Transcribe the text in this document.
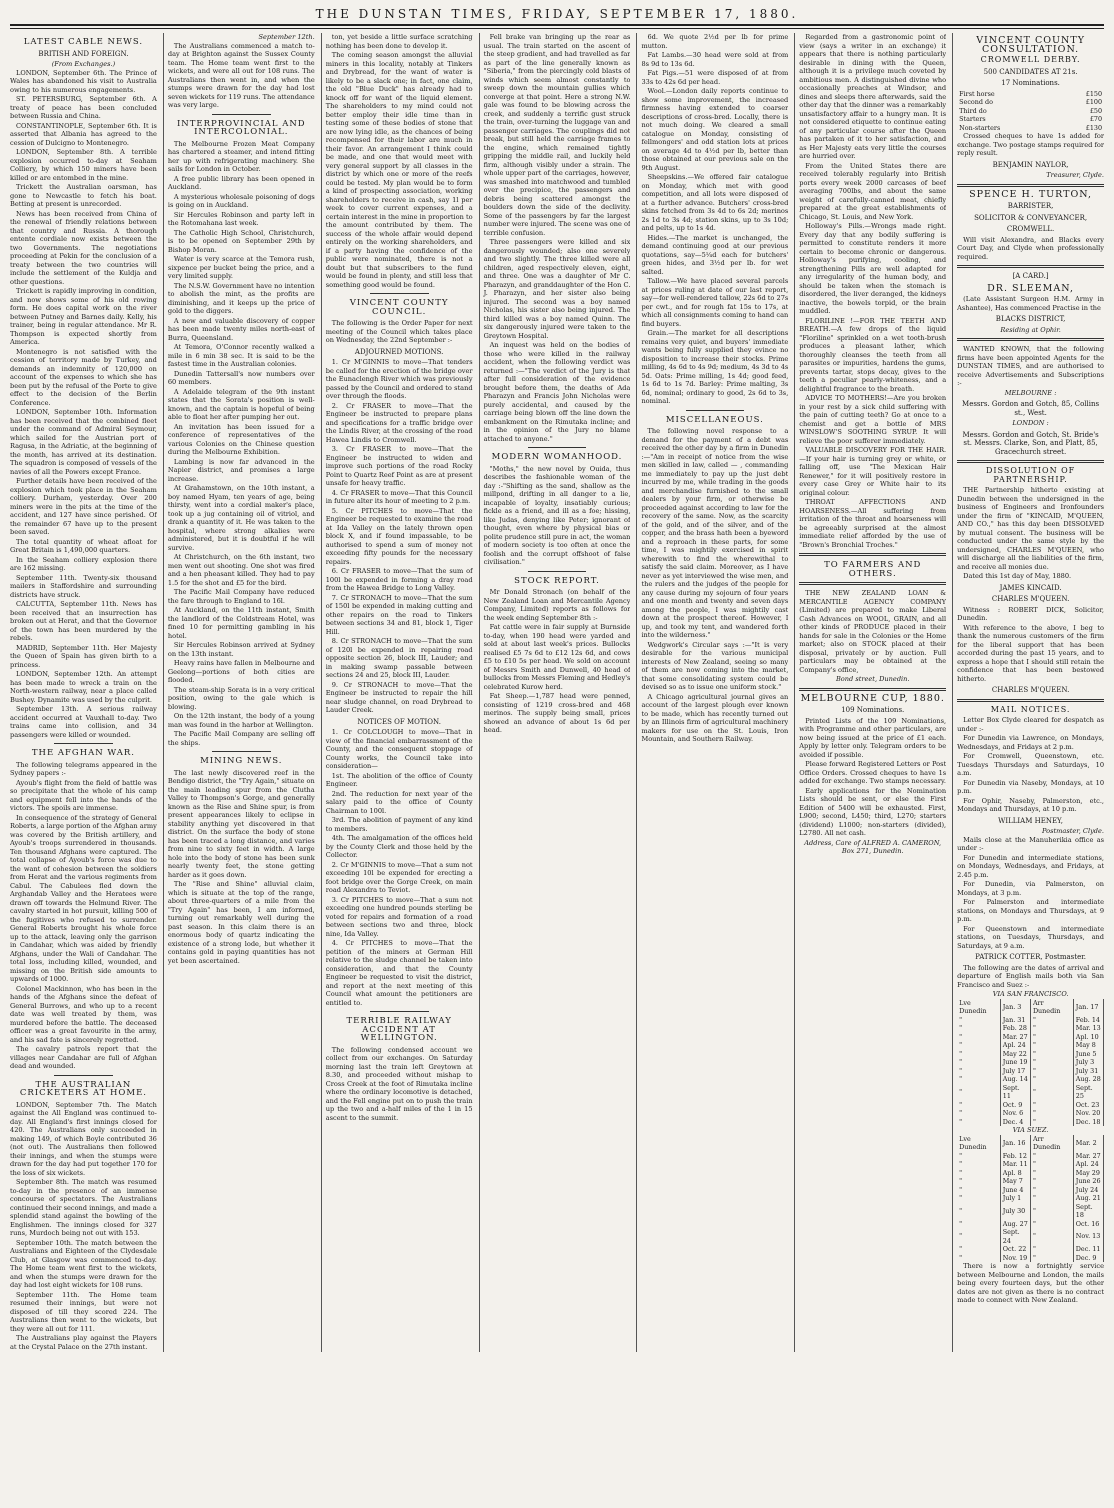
THE DUNSTAN TIMES, FRIDAY, SEPTEMBER 17, 1880.
LATEST CABLE NEWS.
BRITISH AND FOREIGN.
(From Exchanges.)

LONDON, September 6th. The Prince of Wales has abandoned his visit to Australia owing to his numerous engagements.

ST. PETERSBURG, September 6th. A treaty of peace has been concluded between Russia and China.

CONSTANTINOPLE, September 6th. It is asserted that Albania has agreed to the cession of Dulcigno to Montenegro.

LONDON, September 8th. A terrible explosion occurred to-day at Seaham Colliery, by which 150 miners have been killed or are entombed in the mine.

Trickett the Australian oarsman, has gone to Newcastle to fetch his boat. Betting at present is unrecorded.

News has been received from China of the renewal of friendly relations between that country and Russia. A thorough entente cordiale now exists between the two Governments. The negotiations proceeding at Pekin for the conclusion of a treaty between the two countries will include the settlement of the Kuldja and other questions.

Trickett is rapidly improving in condition, and now shows some of his old rowing form. He does capital work on the river between Putney and Barnes daily. Kelly, his trainer, being in regular attendance. Mr R. Thompson is expected shortly from America.

Montenegro is not satisfied with the cession of territory made by Turkey, and demands an indemnity of 120,000 on account of the expenses to which she has been put by the refusal of the Porte to give effect to the decision of the Berlin Conference.

LONDON, September 10th. Information has been received that the combined fleet under the command of Admiral Seymour, which sailed for the Austrian port of Ragusa, in the Adriatic, at the beginning of the month, has arrived at its destination. The squadron is composed of vessels of the navies of all the Powers except France.

Further details have been received of the explosion which took place in the Seaham colliery. Durham, yesterday. Over 200 miners were in the pits at the time of the accident, and 127 have since perished. Of the remainder 67 have up to the present been saved.

The total quantity of wheat afloat for Great Britain is 1,490,000 quarters.

In the Seaham colliery explosion there are 162 missing.

September 11th. Twenty-six thousand mailers in Staffordshire and surrounding districts have struck.

CALCUTTA, September 11th. News has been received that an insurrection has broken out at Herat, and that the Governor of the town has been murdered by the rebels.

MADRID, September 11th. Her Majesty the Queen of Spain has given birth to a princess.

LONDON, September 12th. An attempt has been made to wreck a train on the North-western railway, near a place called Bushey. Dynamite was used by the culprit.

September 13th. A serious railway accident occurred at Vauxhall to-day. Two trains came into collision, and 34 passengers were killed or wounded.

THE AFGHAN WAR.

The following telegrams appeared in the Sydney papers :-

Ayoub's flight from the field of battle was so precipitate that the whole of his camp and equipment fell into the hands of the victors. The spoils are immense.

In consequence of the strategy of General Roberts, a large portion of the Afghan army was covered by the British artillery, and Ayoub's troops surrendered in thousands. Ten thousand Afghans were captured. The total collapse of Ayoub's force was due to the want of cohesion between the soldiers from Herat and the various regiments from Cabul. The Cabulees fled down the Arghandab Valley and the Heratees were drawn off towards the Helmund River. The cavalry started in hot pursuit, killing 500 of the fugitives who refused to surrender. General Roberts brought his whole force up to the attack, leaving only the garrison in Candahar, which was aided by friendly Afghans, under the Wali of Candahar. The total loss, including killed, wounded, and missing on the British side amounts to upwards of 1000.

Colonel Mackinnon, who has been in the hands of the Afghans since the defeat of General Burrows, and who up to a recent date was well treated by them, was murdered before the battle. The deceased officer was a great favourite in the army, and his sad fate is sincerely regretted.

The cavalry patrols report that the villages near Candahar are full of Afghan dead and wounded.

THE AUSTRALIAN CRICKETERS AT HOME.

LONDON, September 7th. The Match against the All England was continued to-day. All England's first innings closed for 420. The Australians only succeeded in making 149, of which Boyle contributed 36 (not out). The Australians then followed their innings, and when the stumps were drawn for the day had put together 170 for the loss of six wickets.

September 8th. The match was resumed to-day in the presence of an immense concourse of spectators. The Australians continued their second innings, and made a splendid stand against the bowling of the Englishmen. The innings closed for 327 runs, Murdoch being not out with 153.

September 10th. The match between the Australians and Eighteen of the Clydesdale Club, at Glasgow was commenced to-day. The Home team went first to the wickets, and when the stumps were drawn for the day had lost eight wickets for 108 runs.

September 11th. The Home team resumed their innings, but were not disposed of till they scored 224. The Australians then went to the wickets, but they were all out for 111.

The Australians play against the Players at the Crystal Palace on the 27th instant.

September 12th.

The Australians commenced a match to-day at Brighton against the Sussex County team. The Home team went first to the wickets, and were all out for 108 runs. The Australians then went in, and when the stumps were drawn for the day had lost seven wickets for 119 runs. The attendance was very large.

INTERPROVINCIAL AND INTERCOLONIAL.

The Melbourne Frozen Meat Company has chartered a steamer, and intend fitting her up with refrigerating machinery. She sails for London in October.

A free public library has been opened in Auckland.

A mysterious wholesale poisoning of dogs is going on in Auckland.

Sir Hercules Robinson and party left in the Rotomahana last week.

The Catholic High School, Christchurch, is to be opened on September 29th by Bishop Moran.

Water is very scarce at the Temora rush, sixpence per bucket being the price, and a very limited supply.

The N.S.W. Government have no intention to abolish the mint, as the profits are diminishing, and it keeps up the price of gold to the diggers.

A new and valuable discovery of copper has been made twenty miles north-east of Burra, Queensland.

At Temora, O'Connor recently walked a mile in 6 min 38 sec. It is said to be the fastest time in the Australian colonies.

Dunedin Tattersall's now numbers over 60 members.

A Adelaide telegram of the 9th instant states that the Sorata's position is well-known, and the captain is hopeful of being able to float her after pumping her out.

An invitation has been issued for a conference of representatives of the various Colonies on the Chinese question during the Melbourne Exhibition.

Lambing is now far advanced in the Napier district, and promises a large increase.

At Grahamstown, on the 10th instant, a boy named Hyam, ten years of age, being thirsty, went into a cordial maker's place, took up a jug containing oil of vitriol, and drank a quantity of it. He was taken to the hospital, where strong alkalies were administered, but it is doubtful if he will survive.

At Christchurch, on the 6th instant, two men went out shooting. One shot was fired and a hen pheasant killed. They had to pay 1.5 for the shot and £5 for the bird.

The Pacific Mail Company have reduced the fare through to England to 16l.

At Auckland, on the 11th instant, Smith the landlord of the Coldstream Hotel, was fined 10 for permitting gambling in his hotel.

Sir Hercules Robinson arrived at Sydney on the 13th instant.

Heavy rains have fallen in Melbourne and Geelong—portions of both cities are flooded.

The steam-ship Sorata is in a very critical position, owing to the gale which is blowing.

On the 12th instant, the body of a young man was found in the harbor at Wellington.

The Pacific Mail Company are selling off the ships.

MINING NEWS.

The last newly discovered reef in the Bendigo district, the "Try Again," situate on the main leading spur from the Clutha Valley to Thompson's Gorge, and generally known as the Rise and Shine spur, is from present appearances likely to eclipse in stability anything yet discovered in that district. On the surface the body of stone has been traced a long distance, and varies from nine to sixty feet in width. A large hole into the body of stone has been sunk nearly twenty feet, the stone getting harder as it goes down.

The "Rise and Shine" alluvial claim, which is situate at the top of the range, about three-quarters of a mile from the "Try Again" has been, I am informed, turning out remarkably well during the past season. In this claim there is an enormous body of quartz indicating the existence of a strong lode, but whether it contains gold in paying quantities has not yet been ascertained.

ton, yet beside a little surface scratching nothing has been done to develop it.

The coming season amongst the alluvial miners in this locality, notably at Tinkers and Drybread, for the want of water is likely to be a slack one; in fact, one claim, the old "Blue Duck" has already had to knock off for want of the liquid element. The shareholders to my mind could not better employ their idle time than in testing some of these bodies of stone that are now lying idle, as the chances of being recompensed for their labor are much in their favor. An arrangement I think could be made, and one that would meet with very general support by all classes in the district by which one or more of the reefs could be tested. My plan would be to form a kind of prospecting association, working shareholders to receive in cash, say 1l per week to cover current expenses, and a certain interest in the mine in proportion to the amount contributed by them. The success of the whole affair would depend entirely on the working shareholders, and if a party having the confidence of the public were nominated, there is not a doubt but that subscribers to the fund would be found in plenty, and still less that something good would be found.

VINCENT COUNTY COUNCIL.

The following is the Order Paper for next meeting of the Council which takes place on Wednesday, the 22nd September :-

ADJOURNED MOTIONS.

1. Cr M'GINNIS to move—That tenders be called for the erection of the bridge over the Eunaclengh River which was previously passed by the Council and ordered to stand over through the floods.

2. Cr FRASER to move—That the Engineer be instructed to prepare plans and specifications for a traffic bridge over the Lindis River, at the crossing of the road Hawea Lindis to Cromwell.

3. Cr FRASER to move—That the Engineer be instructed to widen and improve such portions of the road Rocky Point to Quartz Reef Point as are at present unsafe for heavy traffic.

4. Cr FRASER to move—That this Council in future alter its hour of meeting to 2 p.m.

5. Cr PITCHES to move—That the Engineer be requested to examine the road at Ida Valley on the lately thrown open block X, and if found impassable, to be authorised to spend a sum of money not exceeding fifty pounds for the necessary repairs.

6. Cr FRASER to move—That the sum of 100l be expended in forming a dray road from the Hawea Bridge to Long Valley.

7. Cr STRONACH to move—That the sum of 150l be expended in making cutting and other repairs on the road to Tinkers between sections 34 and 81, block 1, Tiger Hill.

8. Cr STRONACH to move—That the sum of 120l be expended in repairing road opposite section 26, block III, Lauder; and in making swamp passable between sections 24 and 25, block III, Lauder.

9. Cr STRONACH to move—That the Engineer be instructed to repair the hill near sludge channel, on road Drybread to Lauder Creek.

NOTICES OF MOTION.

1. Cr COLCLOUGH to move—That in view of the financial embarrassment of the County, and the consequent stoppage of County works, the Council take into consideration—

1st. The abolition of the office of County Engineer.

2nd. The reduction for next year of the salary paid to the office of County Chairman to 100l.

3rd. The abolition of payment of any kind to members.

4th. The amalgamation of the offices held by the County Clerk and those held by the Collector.

2. Cr M'GINNIS to move—That a sum not exceeding 10l be expended for erecting a foot bridge over the Gorge Creek, on main road Alexandra to Teviot.

3. Cr PITCHES to move—That a sum not exceeding one hundred pounds sterling be voted for repairs and formation of a road between sections two and three, block nine, Ida Valley.

4. Cr PITCHES to move—That the petition of the miners at German Hill relative to the sludge channel be taken into consideration, and that the County Engineer be requested to visit the district, and report at the next meeting of this Council what amount the petitioners are entitled to.

TERRIBLE RAILWAY ACCIDENT AT WELLINGTON.

The following condensed account we collect from our exchanges. On Saturday morning last the train left Greytown at 8.30, and proceeded without mishap to Cross Creek at the foot of Rimutaka incline where the ordinary locomotive is detached, and the Fell engine put on to push the train up the two and a-half miles of the 1 in 15 ascent to the summit.

Fell brake van bringing up the rear as usual. The train started on the ascent of the steep gradient, and had travelled as far as part of the line generally known as "Siberia," from the piercingly cold blasts of winds which seem almost constantly to sweep down the mountain gullies which converge at that point. Here a strong N.W. gale was found to be blowing across the creek, and suddenly a terrific gust struck the train, over-turning the luggage van and passenger carriages. The couplings did not break, but still held the carriage frames to the engine, which remained tightly gripping the middle rail, and luckily held firm, although visibly under a strain. The whole upper part of the carriages, however, was smashed into matchwood and tumbled over the precipice, the passengers and debris being scattered amongst the boulders down the side of the declivity. Some of the passengers by far the largest number were injured. The scene was one of terrible confusion.

Three passengers were killed and six dangerously wounded; also one severely and two slightly. The three killed were all children, aged respectively eleven, eight, and three. One was a daughter of Mr C. Pharazyn, and granddaughter of the Hon C. J. Pharazyn, and her sister also being injured. The second was a boy named Nicholas, his sister also being injured. The third killed was a boy named Quinn. The six dangerously injured were taken to the Greytown Hospital.

An inquest was held on the bodies of those who were killed in the railway accident, when the following verdict was returned :—"The verdict of the Jury is that after full consideration of the evidence brought before them, the deaths of Ada Pharazyn and Francis John Nicholas were purely accidental, and caused by the carriage being blown off the line down the embankment on the Rimutaka incline; and in the opinion of the Jury no blame attached to anyone."

MODERN WOMANHOOD.

"Moths," the new novel by Ouida, thus describes the fashionable woman of the day :-"Shifting as the sand, shallow as the millpond, drifting in all danger to a lie, incapable of loyalty, insatiably curious; fickle as a friend, and ill as a foe; hissing, like Judas, denying like Peter; ignorant of thought, even where by physical bias or polite prudence still pure in act, the woman of modern society is too often at once the foolish and the corrupt offshoot of false civilisation."

STOCK REPORT.

Mr Donald Stronach (on behalf of the New Zealand Loan and Mercantile Agency Company, Limited) reports as follows for the week ending September 8th :-

Fat cattle were in fair supply at Burnside to-day, when 190 head were yarded and sold at about last week's prices. Bullocks realised £5 7s 6d to £12 12s 6d, and cows £5 to £10 5s per head. We sold on account of Messrs Smith and Dunwell, 40 head of bullocks from Messrs Fleming and Hedley's celebrated Kurow herd.

Fat Sheep.—1,787 head were penned, consisting of 1219 cross-bred and 468 merinos. The supply being small, prices showed an advance of about 1s 6d per head.

6d. We quote 2½d per lb for prime mutton.

Fat Lambs.—30 head were sold at from 8s 9d to 13s 6d.

Fat Pigs.—51 were disposed of at from 33s to 42s 6d per head.

Wool.—London daily reports continue to show some improvement, the increased firmness having extended to coarser descriptions of cross-bred. Locally, there is not much doing. We cleared a small catalogue on Monday, consisting of fellmongers' and odd station lots at prices on average 4d to 4½d per lb, better than those obtained at our previous sale on the 9th August.

Sheepskins.—We offered fair catalogue on Monday, which met with good competition, and all lots were disposed of at a further advance. Butchers' cross-bred skins fetched from 3s 4d to 6s 2d; merinos 2s 1d to 3s 4d; station skins, up to 3s 10d; and pelts, up to 1s 4d.

Hides.—The market is unchanged, the demand continuing good at our previous quotations, say—5¼d each for butchers' green hides, and 3½d per lb. for wet salted.

Tallow.—We have placed several parcels at prices ruling at date of our last report, say—for well-rendered tallow, 22s 6d to 27s per cwt., and for rough fat 15s to 17s, at which all consignments coming to hand can find buyers.

Grain.—The market for all descriptions remains very quiet, and buyers' immediate wants being fully supplied they evince no disposition to increase their stocks. Prime milling, 4s 6d to 4s 9d; medium, 4s 3d to 4s 5d. Oats: Prime milling, 1s 4d; good feed, 1s 6d to 1s 7d. Barley: Prime malting, 3s 6d, nominal; ordinary to good, 2s 6d to 3s, nominal.

MISCELLANEOUS.

The following novel response to a demand for the payment of a debt was received the other day by a firm in Dunedin :—"Am in receipt of notice from the wise men skilled in law, called — , commanding me immediately to pay up the just debt incurred by me, while trading in the goods and merchandise furnished to the small dealers by your firm, or otherwise be proceeded against according to law for the recovery of the same. Now, as the scarcity of the gold, and of the silver, and of the copper, and the brass hath been a byeword and a reproach in these parts, for some time, I was mightily exercised in spirit wherewith to find the wherewithal to satisfy the said claim. Moreover, as I have never as yet interviewed the wise men, and the rulers and the judges of the people for any cause during my sojourn of four years and one month and twenty and seven days among the people, I was mightily cast down at the prospect thereof. However, I up, and took my tent, and wandered forth into the wilderness."

Wedgwork's Circular says :—"It is very desirable for the various municipal interests of New Zealand, seeing so many of them are now coming into the market, that some consolidating system could be devised so as to issue one uniform stock."

A Chicago agricultural journal gives an account of the largest plough ever known to be made, which has recently turned out by an Illinois firm of agricultural machinery makers for use on the St. Louis, Iron Mountain, and Southern Railway.

Regarded from a gastronomic point of view (says a writer in an exchange) it appears that there is nothing particularly desirable in dining with the Queen, although it is a privilege much coveted by ambitious men. A distinguished divine who occasionally preaches at Windsor, and dines and sleeps there afterwards, said the other day that the dinner was a remarkably unsatisfactory affair to a hungry man. It is not considered etiquette to continue eating of any particular course after the Queen has partaken of it to her satisfaction, and as Her Majesty eats very little the courses are hurried over.

From the United States there are received tolerably regularly into British ports every week 2000 carcases of beef averaging 700lbs, and about the same weight of carefully-canned meat, chiefly prepared at the great establishments of Chicago, St. Louis, and New York.

Holloway's Pills.—Wrongs made right. Every day that any bodily suffering is permitted to constitute renders it more certain to become chronic or dangerous. Holloway's purifying, cooling, and strengthening Pills are well adapted for any irregularity of the human body, and should be taken when the stomach is disordered, the liver deranged, the kidneys inactive, the bowels torpid, or the brain muddled.

FLORILINE !—FOR THE TEETH AND BREATH.—A few drops of the liquid "Floriline" sprinkled on a wet tooth-brush produces a pleasant lather, which thoroughly cleanses the teeth from all parasites or impurities, hardens the gums, prevents tartar, stops decay, gives to the teeth a peculiar pearly-whiteness, and a delightful fragrance to the breath.

ADVICE TO MOTHERS!—Are you broken in your rest by a sick child suffering with the pain of cutting teeth? Go at once to a chemist and get a bottle of MRS WINSLOW'S SOOTHING SYRUP. It will relieve the poor sufferer immediately.

VALUABLE DISCOVERY FOR THE HAIR.—If your hair is turning grey or white, or falling off, use "The Mexican Hair Renewer," for it will positively restore in every case Grey or White hair to its original colour.

THROAT AFFECTIONS AND HOARSENESS.—All suffering from irritation of the throat and hoarseness will be agreeably surprised at the almost immediate relief afforded by the use of "Brown's Bronchial Troches."

TO FARMERS AND OTHERS.

THE NEW ZEALAND LOAN & MERCANTILE AGENCY COMPANY (Limited) are prepared to make Liberal Cash Advances on WOOL, GRAIN, and all other kinds of PRODUCE placed in their hands for sale in the Colonies or the Home market; also on STOCK placed at their disposal, privately or by auction. Full particulars may be obtained at the Company's office,

Bond street, Dunedin.
MELBOURNE CUP, 1880.
109 Nominations.

Printed Lists of the 109 Nominations, with Programme and other particulars, are now being issued at the price of £1 each. Apply by letter only. Telegram orders to be avoided if possible.

Please forward Registered Letters or Post Office Orders. Crossed cheques to have 1s added for exchange. Two stamps necessary.

Early applications for the Nomination Lists should be sent, or else the First Edition of 5400 will be exhausted. First, L900; second, L450; third, L270; starters (dividend) L1000; non-starters (divided), L2780. All net cash.

Address, Care of ALFRED A. CAMERON, Box 271, Dunedin.
VINCENT COUNTY CONSULTATION.
CROMWELL DERBY.
500 CANDIDATES AT 21s.
17 Nominations.
First horse	£150
Second do	£100
Third do	£50
Starters	£70
Non-starters	£130

Crossed cheques to have 1s added for exchange. Two postage stamps required for reply result.

BENJAMIN NAYLOR,
Treasurer, Clyde.
SPENCE H. TURTON,
BARRISTER,
SOLICITOR & CONVEYANCER,
CROMWELL.

Will visit Alexandra, and Blacks every Court Day, and Clyde when professionally required.

[A CARD.]
DR. SLEEMAN,

(Late Assistant Surgeon H.M. Army in Ashantee), Has commenced Practise in the

BLACKS DISTRICT,
Residing at Ophir.

WANTED KNOWN, that the following firms have been appointed Agents for the DUNSTAN TIMES, and are authorised to receive Advertisements and Subscriptions :-

MELBOURNE :
Messrs. Gordon and Gotch, 85, Collins st., West.
LONDON :
Messrs. Gordon and Gotch, St. Bride's st. Messrs. Clarke, Son, and Platt, 85, Gracechurch street.
DISSOLUTION OF PARTNERSHIP.

THE Partnership hitherto existing at Dunedin between the undersigned in the business of Engineers and Ironfounders under the firm of "KINCAID, M'QUEEN, AND CO.," has this day been DISSOLVED by mutual consent. The business will be conducted under the same style by the undersigned, CHARLES M'QUEEN, who will discharge all the liabilities of the firm, and receive all monies due.

Dated this 1st day of May, 1880.

JAMES KINCAID.
CHARLES M'QUEEN.

Witness : ROBERT DICK, Solicitor, Dunedin.

With reference to the above, I beg to thank the numerous customers of the firm for the liberal support that has been accorded during the past 15 years, and to express a hope that I should still retain the confidence that has been bestowed hitherto.

CHARLES M'QUEEN.
MAIL NOTICES.

Letter Box Clyde cleared for despatch as under :-

For Dunedin via Lawrence, on Mondays, Wednesdays, and Fridays at 2 p.m.

For Cromwell, Queenstown, etc. Tuesdays Thursdays and Saturdays, 10 a.m.

For Dunedin via Naseby, Mondays, at 10 p.m.

For Ophir, Naseby, Palmerston, etc., Mondays and Thursdays, at 10 p.m.

WILLIAM HENEY,
Postmaster, Clyde.

Mails close at the Manuherikia office as under :-

For Dunedin and intermediate stations, on Mondays, Wednesdays, and Fridays, at 2.45 p.m.

For Dunedin, via Palmerston, on Mondays, at 3 p.m.

For Palmerston and intermediate stations, on Mondays and Thursdays, at 9 p.m.

For Queenstown and intermediate stations, on Tuesdays, Thursdays, and Saturdays, at 9 a.m.

PATRICK COTTER, Postmaster.

The following are the dates of arrival and departure of English mails both via San Francisco and Suez :-

VIA SAN FRANCISCO.
Lve Dunedin	Jan. 3	Arr Dunedin	Jan. 17
"	Jan. 31	"	Feb. 14
"	Feb. 28	"	Mar. 13
"	Mar. 27	"	Apl. 10
"	Apl. 24	"	May 8
"	May 22	"	June 5
"	June 19	"	July 3
"	July 17	"	July 31
"	Aug. 14	"	Aug. 28
"	Sept. 11	"	Sept. 25
"	Oct. 9	"	Oct. 23
"	Nov. 6	"	Nov. 20
"	Dec. 4	"	Dec. 18
VIA SUEZ.
Lve Dunedin	Jan. 16	Arr Dunedin	Mar. 2
"	Feb. 12	"	Mar. 27
"	Mar. 11	"	Apl. 24
"	Apl. 8	"	May 29
"	May 7	"	June 26
"	June 4	"	July 24
"	July 1	"	Aug. 21
"	July 30	"	Sept. 18
"	Aug. 27	"	Oct. 16
"	Sept. 24	"	Nov. 13
"	Oct. 22	"	Dec. 11
"	Nov. 19	"	Dec. 9

There is now a fortnightly service between Melbourne and London, the mails being every fourteen days, but the other dates are not given as there is no contract made to connect with New Zealand.
